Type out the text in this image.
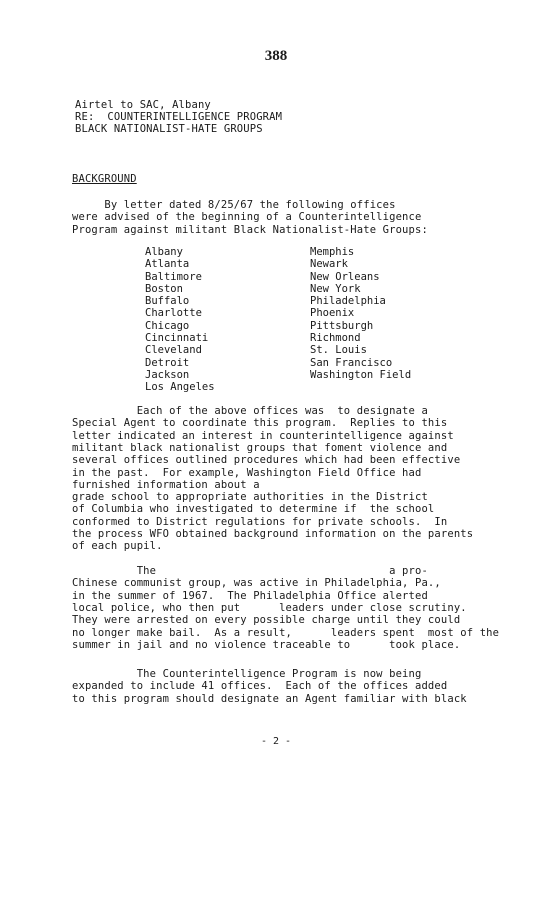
388
Airtel to SAC, Albany
RE:  COUNTERINTELLIGENCE PROGRAM
BLACK NATIONALIST-HATE GROUPS
BACKGROUND
By letter dated 8/25/67 the following offices
were advised of the beginning of a Counterintelligence
Program against militant Black Nationalist-Hate Groups:
Albany
Atlanta
Baltimore
Boston
Buffalo
Charlotte
Chicago
Cincinnati
Cleveland
Detroit
Jackson
Los Angeles
Memphis
Newark
New Orleans
New York
Philadelphia
Phoenix
Pittsburgh
Richmond
St. Louis
San Francisco
Washington Field
Each of the above offices was  to designate a
Special Agent to coordinate this program.  Replies to this
letter indicated an interest in counterintelligence against
militant black nationalist groups that foment violence and
several offices outlined procedures which had been effective
in the past.  For example, Washington Field Office had
furnished information about a
grade school to appropriate authorities in the District
of Columbia who investigated to determine if  the school
conformed to District regulations for private schools.  In
the process WFO obtained background information on the parents
of each pupil.
The                                    a pro-
Chinese communist group, was active in Philadelphia, Pa.,
in the summer of 1967.  The Philadelphia Office alerted
local police, who then put      leaders under close scrutiny.
They were arrested on every possible charge until they could
no longer make bail.  As a result,      leaders spent  most of the
summer in jail and no violence traceable to      took place.
The Counterintelligence Program is now being
expanded to include 41 offices.  Each of the offices added
to this program should designate an Agent familiar with black
- 2 -
